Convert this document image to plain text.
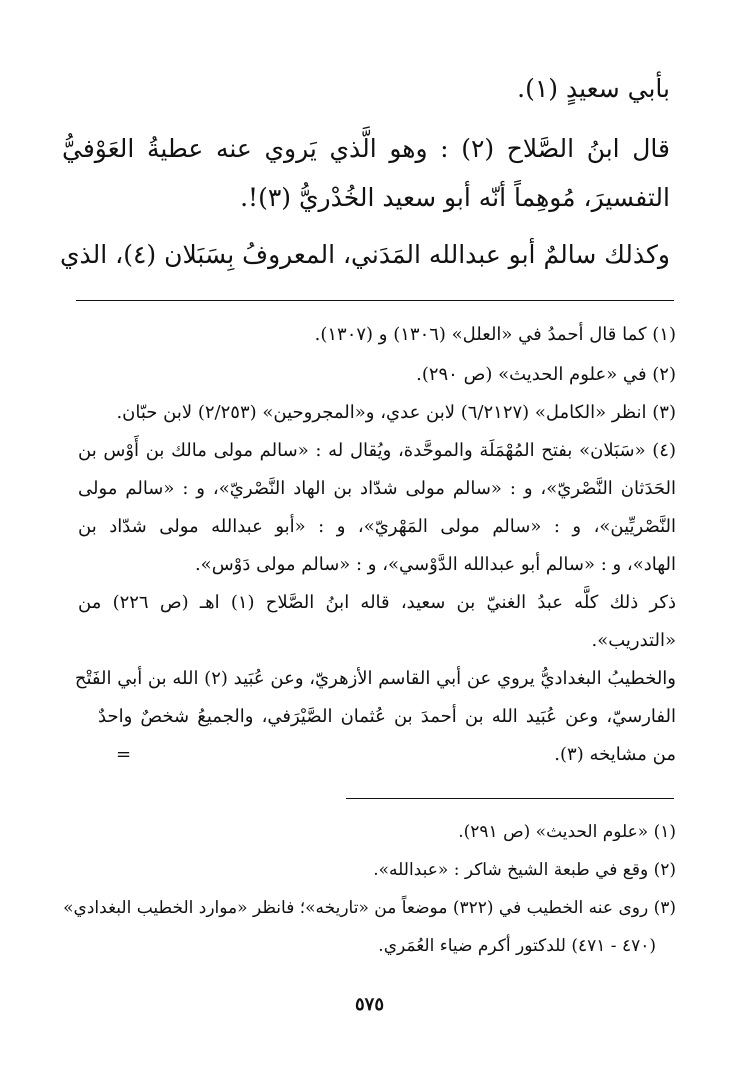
بأبي سعيدٍ (١).
قال ابنُ الصَّلاح (٢) : وهو الَّذي يَروي عنه عطيةُ العَوْفيُّ
التفسيرَ، مُوهِماً أنّه أبو سعيد الخُدْريُّ (٣)!.
وكذلك سالمٌ أبو عبدالله المَدَني، المعروفُ بِسَبَلان (٤)، الذي
(١) كما قال أحمدُ في «العلل» (١٣٠٦) و (١٣٠٧).
(٢) في «علوم الحديث» (ص ٢٩٠).
(٣) انظر «الكامل» (٦/٢١٢٧) لابن عدي، و«المجروحين» (٢/٢٥٣) لابن حبّان.
(٤) «سَبَلان» بفتح المُهْمَلَة والموحَّدة، ويُقال له : «سالم مولى مالك بن أَوْس بن
الحَدَثان النَّصْريّ»، و : «سالم مولى شدّاد بن الهاد النَّصْريّ»، و : «سالم مولى
النَّصْريِّين»، و : «سالم مولى المَهْريّ»، و : «أبو عبدالله مولى شدّاد بن
الهاد»، و : «سالم أبو عبدالله الدَّوْسي»، و : «سالم مولى دَوْس».
ذكر ذلك كلَّه عبدُ الغنيّ بن سعيد، قاله ابنُ الصَّلاح (١) اهـ (ص ٢٢٦) من
«التدريب».
والخطيبُ البغداديُّ يروي عن أبي القاسم الأزهريّ، وعن عُبَيد (٢) الله بن أبي الفَتْح
الفارسيّ، وعن عُبَيد الله بن أحمدَ بن عُثمان الصَّيْرَفي، والجميعُ شخصٌ واحدٌ
من مشايخه (٣).
=
(١) «علوم الحديث» (ص ٢٩١).
(٢) وقع في طبعة الشيخ شاكر : «عبدالله».
(٣) روى عنه الخطيب في (٣٢٢) موضعاً من «تاريخه»؛ فانظر «موارد الخطيب البغدادي»
(٤٧٠ - ٤٧١) للدكتور أكرم ضياء العُمَري.
٥٧٥
